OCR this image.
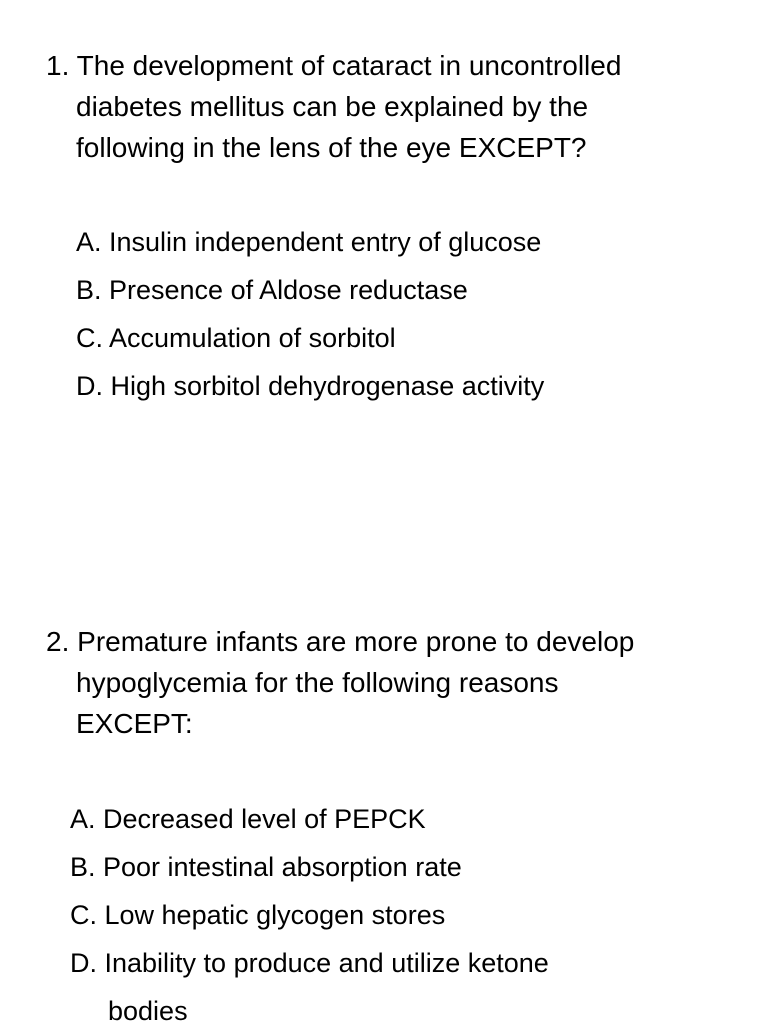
1. The development of cataract in uncontrolled
diabetes mellitus can be explained by the
following in the lens of the eye EXCEPT?
A. Insulin independent entry of glucose
B. Presence of Aldose reductase
C. Accumulation of sorbitol
D. High sorbitol dehydrogenase activity
2. Premature infants are more prone to develop
hypoglycemia for the following reasons
EXCEPT:
A. Decreased level of PEPCK
B. Poor intestinal absorption rate
C. Low hepatic glycogen stores
D. Inability to produce and utilize ketone
bodies
